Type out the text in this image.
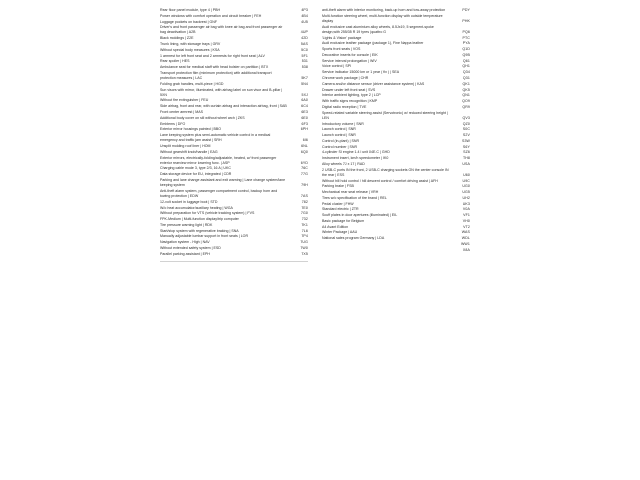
Rear floor panel module, type 4 | PBH	4P3
Power windows with comfort operation and circuit breaker | FEH	4B4
Luggage pockets on backrest | GNF	4U5
Driver's and front passenger air bag with knee air bag and front passenger air bag deactivation | A2B	4UP
Black moldings | Z2E	42D
Trunk lining, with stowage trays | GRV	5AS
Without special body measures | KSA	5C0
1 armrest for left front seat and 2 armrests for right front seat | ALV	5F1
Rear spoiler | HES	531
Ambulance seat for medical staff with head bolster on partition | BTX	538
Transport protection film (minimum protection) with additional transport protection measures | LAC	5K7
Folding grab handles, multi-piece | HGD	5N4
Sun visors with mirror, illuminated, with airbag label on sun visor and B-pillar | 5XN	5XJ
Without fire extinguisher | FEU	6A0
Side airbag, front and rear, with curtain airbag and interaction airbag, front | SAB	6C4
Front center armrest | MAS	6E3
Additional body cover on sill without wheel arch | ZKS	6E0
Emblems | DFO	6F3
Exterior mirror housings painted | BBO	6PH
Lane keeping system plus semi-automatic vehicle control in a medical emergency and traffic jam assist | SRH	6I6
Unsplit molding roof liner | HOM	6NL
Without gearshift knob/handle | EAG	6Q0
Exterior mirrors, electrically-folding/adjustable, heated, w/ front passenger exterior rearview mirror lowering func. | ASP	6YD
Charging cable mode 3, type 2/3, 16 A | UKC	76C
Data storage device for EU, integrated | CDR	77G
Parking and lane change assistant and exit warning | Lane change system/lane keeping system	79H
Anti-theft alarm system, passenger compartment control, backup horn and towing protection | EDW	7AS
12-volt socket in luggage boot | STD	782
W/o heat accumulator/auxiliary heating | WGA	7E0
Without preparation for VTS (vehicle tracking system) | FVS	7G0
FPK-Medium | Multi-function display/trip computer	732
Tire pressure warning light | RDK	7K1
Start/stop system with regenerative braking | SNA	7L6
Manually adjustable lumbar support in front seats | LOR	7P4
Navigation system - High | NAV	7UG
Without extended safety system | ESD	7W0
Parallel parking assistant | EPH	7X5
anti-theft alarm with interior monitoring, back-up horn and tow-away protection	PDY
Multi-function steering wheel, multi-function display with outside temperature display	PHK
Audi exclusive cast aluminium alloy wheels, 8.5Jx19, 5 segment-spoke design,with 255/35 R 19 tyres (quattro G	PQ6
'Lights & Vision' package	PTC
Audi exclusive leather package (package 1), Fine Nappa leather	PYA
Sports front seats | VOS	Q1D
Decorative inserts for console | EIK	Q9B
Service interval prolongation | WIV	Q61
Voice control | SPI	QH1
Service indicator 15000 km or 1 year ( fix ) | SEA	Q34
Chrome work package | CHR	Q31
Camera and/or distance sensor (driver assistance system) | KAS	QK1
Drawer under left front seat | SVS	QK5
Interior ambient lighting, type 2 | LCP	QN1
With traffic signs recognition | KMP	QO9
Digital radio reception | TVE	QR9
Speed-related variable steering assist (Servotronic) w/ reduced steering height | LEN	QV3
Introductory volume | SNR	QZ0
Launch control | SNR	S0C
Launch control | SNR	S2V
Control (in-plant) | SNR	S3W
Control number | SNR	S6Y
4-cylinder SI engine 1.4 l unit 04E.C | GHD	SZ6
Instrument insert, km/h speedometer | IK0	TH8
Alloy wheels 7J x 17 | RAD	USA
2 USB-C ports IN the front, 2 USB-C charging sockets ON the center console IN the rear | ESS	U60
Without hill hold control / hill descent control / comfort driving assist | AFH	U9C
Parking brake | FSB	UG0
Mechanical rear seat release | VRH	UG5
Tires w/o specification of tire brand | REL	UH2
Pedal cluster | FHW	UK3
Standard electric | ZTR	V0A
Scuff plates in door apertures (illuminated) | EIL	VF1
Basic package for Belgium	VH0
A4 Avant Edition	VT2
Winter Package | AAU	WAS
National sales program Germany | LDA	WDL
WW1
X8A
